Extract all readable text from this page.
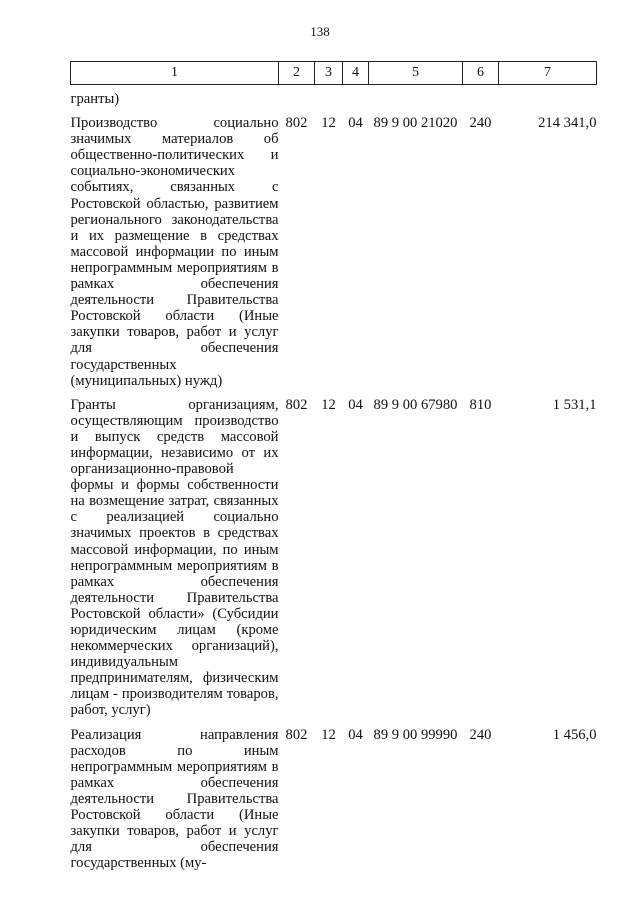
138
1	2	3	4	5	6	7
гранты)						

Производство социально значимых материалов об общественно-политических и социально-экономических событиях, связанных с Ростовской областью, развитием регионального законодательства и их размещение в средствах массовой информации по иным непрограммным мероприятиям в рамках обеспечения деятельности Правительства Ростовской области (Иные закупки товаров, работ и услуг для обеспечения государственных (муниципальных) нужд)	802	12	04	89 9 00 21020	240	214 341,0

Гранты организациям, осуществляющим производство и выпуск средств массовой информации, независимо от их организационно-правовой формы и формы собственности на возмещение затрат, связанных с реализацией социально значимых проектов в средствах массовой информации, по иным непрограммным мероприятиям в рамках обеспечения деятельности Правительства Ростовской области» (Субсидии юридическим лицам (кроме некоммерческих организаций), индивидуальным предпринимателям, физическим лицам - производителям товаров, работ, услуг)	802	12	04	89 9 00 67980	810	1 531,1

Реализация направления расходов по иным непрограммным мероприятиям в рамках обеспечения деятельности Правительства Ростовской области (Иные закупки товаров, работ и услуг для обеспечения государственных (му-	802	12	04	89 9 00 99990	240	1 456,0
